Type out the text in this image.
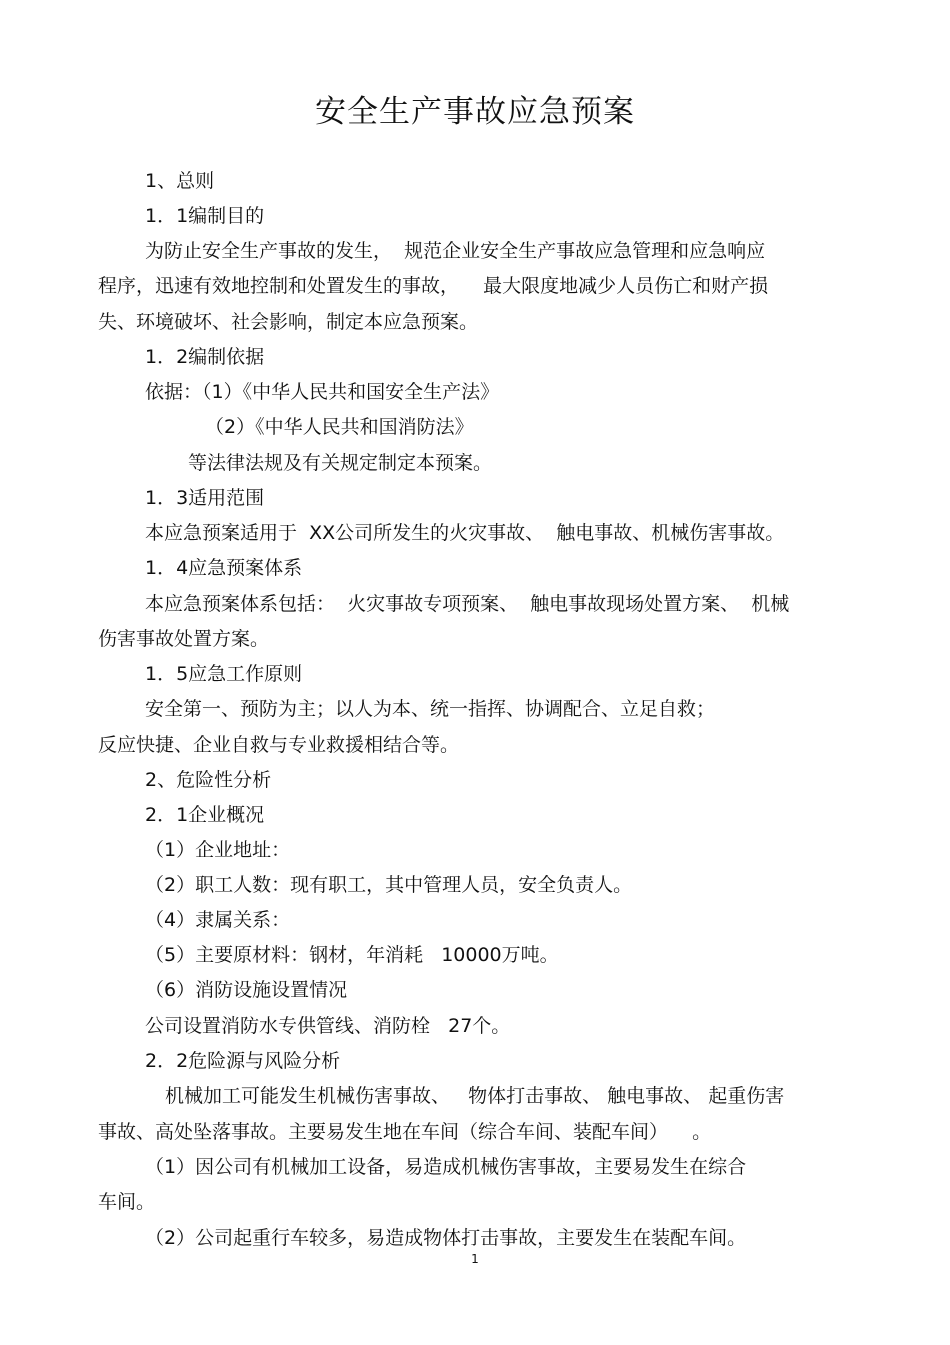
安全生产事故应急预案
1、总则
1．1编制目的
为防止安全生产事故的发生，  规范企业安全生产事故应急管理和应急响应
程序，迅速有效地控制和处置发生的事故，    最大限度地减少人员伤亡和财产损
失、环境破坏、社会影响，制定本应急预案。
1．2编制依据
依据：（1）《中华人民共和国安全生产法》
（2）《中华人民共和国消防法》
等法律法规及有关规定制定本预案。
1．3适用范围
本应急预案适用于  XX公司所发生的火灾事故、  触电事故、机械伤害事故。
1．4应急预案体系
本应急预案体系包括：  火灾事故专项预案、  触电事故现场处置方案、  机械
伤害事故处置方案。
1．5应急工作原则
安全第一、预防为主；以人为本、统一指挥、协调配合、立足自救；
反应快捷、企业自救与专业救援相结合等。
2、危险性分析
2．1企业概况
（1）企业地址：
（2）职工人数：现有职工，其中管理人员，安全负责人。
（4）隶属关系：
（5）主要原材料：钢材，年消耗   10000万吨。
（6）消防设施设置情况
公司设置消防水专供管线、消防栓   27个。
2．2危险源与风险分析
机械加工可能发生机械伤害事故、   物体打击事故、 触电事故、 起重伤害
事故、高处坠落事故。主要易发生地在车间（综合车间、装配车间）    。
（1）因公司有机械加工设备，易造成机械伤害事故，主要易发生在综合
车间。
（2）公司起重行车较多，易造成物体打击事故，主要发生在装配车间。
1
